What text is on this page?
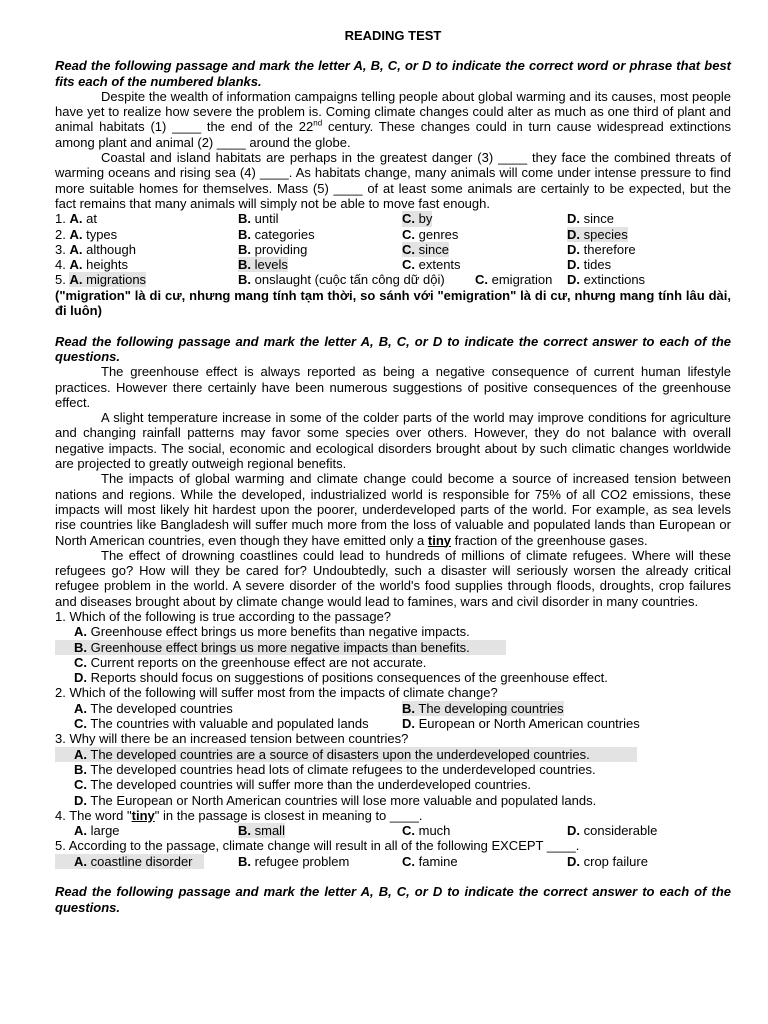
READING TEST
Read the following passage and mark the letter A, B, C, or D to indicate the correct word or phrase that best fits each of the numbered blanks.
Despite the wealth of information campaigns telling people about global warming and its causes, most people have yet to realize how severe the problem is. Coming climate changes could alter as much as one third of plant and animal habitats (1) ____ the end of the 22nd century. These changes could in turn cause widespread extinctions among plant and animal (2) ____ around the globe.
Coastal and island habitats are perhaps in the greatest danger (3) ____ they face the combined threats of warming oceans and rising sea (4) ____. As habitats change, many animals will come under intense pressure to find more suitable homes for themselves. Mass (5) ____ of at least some animals are certainly to be expected, but the fact remains that many animals will simply not be able to move fast enough.
1. A. at	B. until	C. by	D. since
2. A. types	B. categories	C. genres	D. species
3. A. although	B. providing	C. since	D. therefore
4. A. heights	B. levels	C. extents	D. tides
5. A. migrations	B. onslaught (cuộc tấn công dữ dội) C. emigration D. extinctions
("migration" là di cư, nhưng mang tính tạm thời, so sánh với "emigration" là di cư, nhưng mang tính lâu dài, đi luôn)
Read the following passage and mark the letter A, B, C, or D to indicate the correct answer to each of the questions.
The greenhouse effect is always reported as being a negative consequence of current human lifestyle practices. However there certainly have been numerous suggestions of positive consequences of the greenhouse effect.
A slight temperature increase in some of the colder parts of the world may improve conditions for agriculture and changing rainfall patterns may favor some species over others. However, they do not balance with overall negative impacts. The social, economic and ecological disorders brought about by such climatic changes worldwide are projected to greatly outweigh regional benefits.
The impacts of global warming and climate change could become a source of increased tension between nations and regions. While the developed, industrialized world is responsible for 75% of all CO2 emissions, these impacts will most likely hit hardest upon the poorer, underdeveloped parts of the world. For example, as sea levels rise countries like Bangladesh will suffer much more from the loss of valuable and populated lands than European or North American countries, even though they have emitted only a tiny fraction of the greenhouse gases.
The effect of drowning coastlines could lead to hundreds of millions of climate refugees. Where will these refugees go? How will they be cared for? Undoubtedly, such a disaster will seriously worsen the already critical refugee problem in the world. A severe disorder of the world's food supplies through floods, droughts, crop failures and diseases brought about by climate change would lead to famines, wars and civil disorder in many countries.
1. Which of the following is true according to the passage?
A. Greenhouse effect brings us more benefits than negative impacts.
B. Greenhouse effect brings us more negative impacts than benefits.
C. Current reports on the greenhouse effect are not accurate.
D. Reports should focus on suggestions of positions consequences of the greenhouse effect.
2. Which of the following will suffer most from the impacts of climate change?
A. The developed countries	B. The developing countries
C. The countries with valuable and populated lands	D. European or North American countries
3. Why will there be an increased tension between countries?
A. The developed countries are a source of disasters upon the underdeveloped countries.
B. The developed countries head lots of climate refugees to the underdeveloped countries.
C. The developed countries will suffer more than the underdeveloped countries.
D. The European or North American countries will lose more valuable and populated lands.
4. The word "tiny" in the passage is closest in meaning to ____.
A. large	B. small	C. much	D. considerable
5. According to the passage, climate change will result in all of the following EXCEPT ____.
A. coastline disorder	B. refugee problem	C. famine	D. crop failure
Read the following passage and mark the letter A, B, C, or D to indicate the correct answer to each of the questions.
